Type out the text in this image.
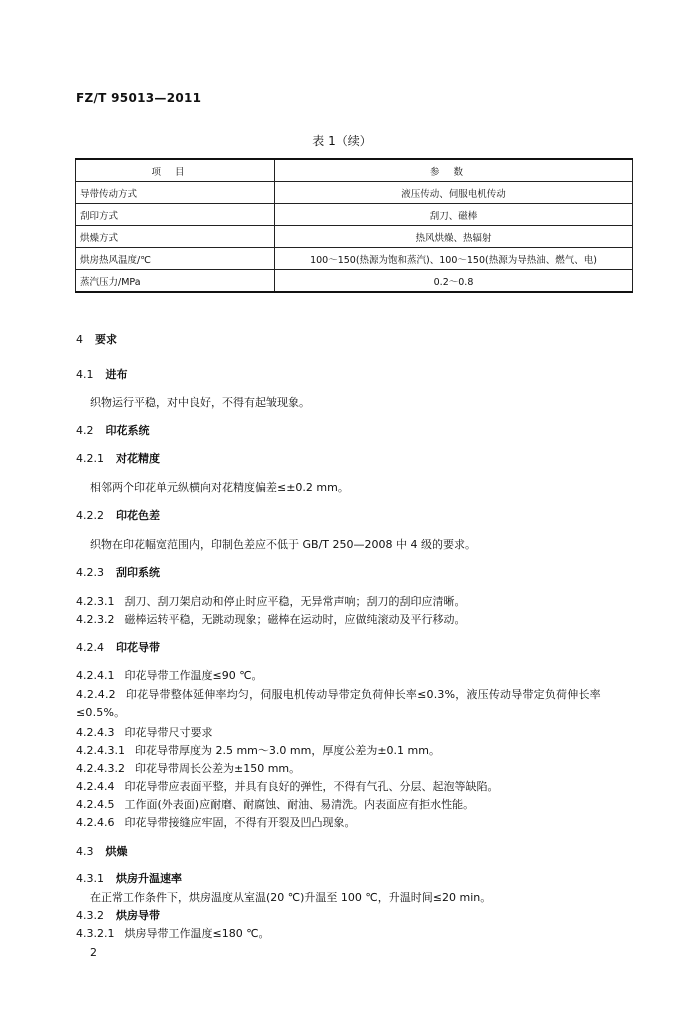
FZ/T 95013—2011
表 1（续）
项目	参数
导带传动方式	液压传动、伺服电机传动
刮印方式	刮刀、磁棒
烘燥方式	热风烘燥、热辐射
烘房热风温度/℃	100～150(热源为饱和蒸汽)、100～150(热源为导热油、燃气、电)
蒸汽压力/MPa	0.2～0.8
4 要求
4.1 进布
织物运行平稳，对中良好，不得有起皱现象。
4.2 印花系统
4.2.1 对花精度
相邻两个印花单元纵横向对花精度偏差≤±0.2 mm。
4.2.2 印花色差
织物在印花幅宽范围内，印制色差应不低于 GB/T 250—2008 中 4 级的要求。
4.2.3 刮印系统
4.2.3.1 刮刀、刮刀架启动和停止时应平稳，无异常声响；刮刀的刮印应清晰。
4.2.3.2 磁棒运转平稳，无跳动现象；磁棒在运动时，应做纯滚动及平行移动。
4.2.4 印花导带
4.2.4.1 印花导带工作温度≤90 ℃。
4.2.4.2 印花导带整体延伸率均匀，伺服电机传动导带定负荷伸长率≤0.3%，液压传动导带定负荷伸长率≤0.5%。
4.2.4.3 印花导带尺寸要求
4.2.4.3.1 印花导带厚度为 2.5 mm～3.0 mm，厚度公差为±0.1 mm。
4.2.4.3.2 印花导带周长公差为±150 mm。
4.2.4.4 印花导带应表面平整，并具有良好的弹性，不得有气孔、分层、起泡等缺陷。
4.2.4.5 工作面(外表面)应耐磨、耐腐蚀、耐油、易清洗。内表面应有拒水性能。
4.2.4.6 印花导带接缝应牢固，不得有开裂及凹凸现象。
4.3 烘燥
4.3.1 烘房升温速率
在正常工作条件下，烘房温度从室温(20 ℃)升温至 100 ℃，升温时间≤20 min。
4.3.2 烘房导带
4.3.2.1 烘房导带工作温度≤180 ℃。
2
